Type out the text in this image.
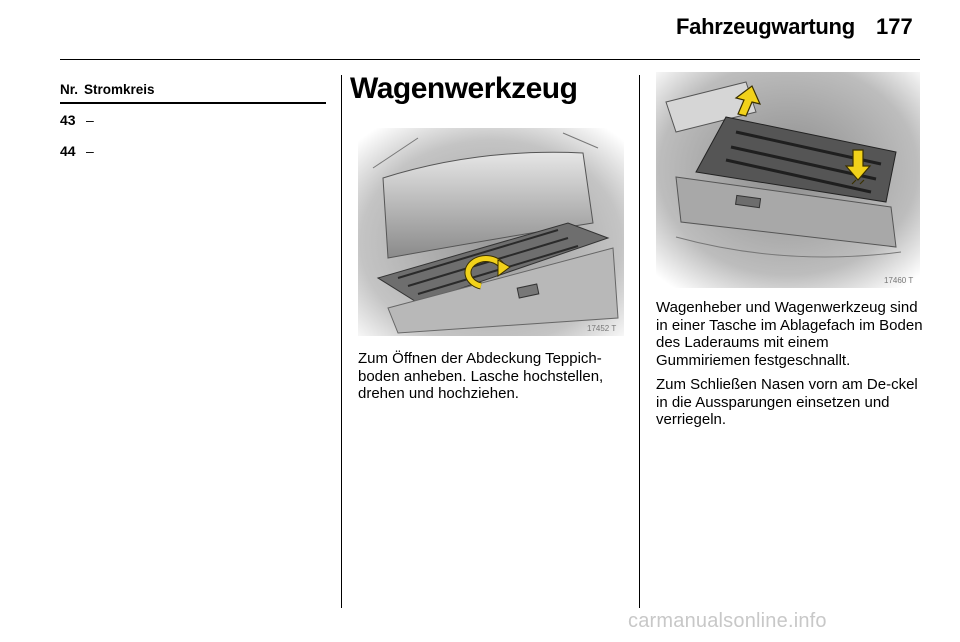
Fahrzeugwartung 177
Nr. Stromkreis
43 –
44 –
Wagenwerkzeug
17452 T

Zum Öffnen der Abdeckung Teppich-boden anheben. Lasche hochstellen, drehen und hochziehen.

17460 T

Wagenheber und Wagenwerkzeug sind in einer Tasche im Ablagefach im Boden des Laderaums mit einem Gummiriemen festgeschnallt.

Zum Schließen Nasen vorn am De-ckel in die Aussparungen einsetzen und verriegeln.

carmanualsonline.info
